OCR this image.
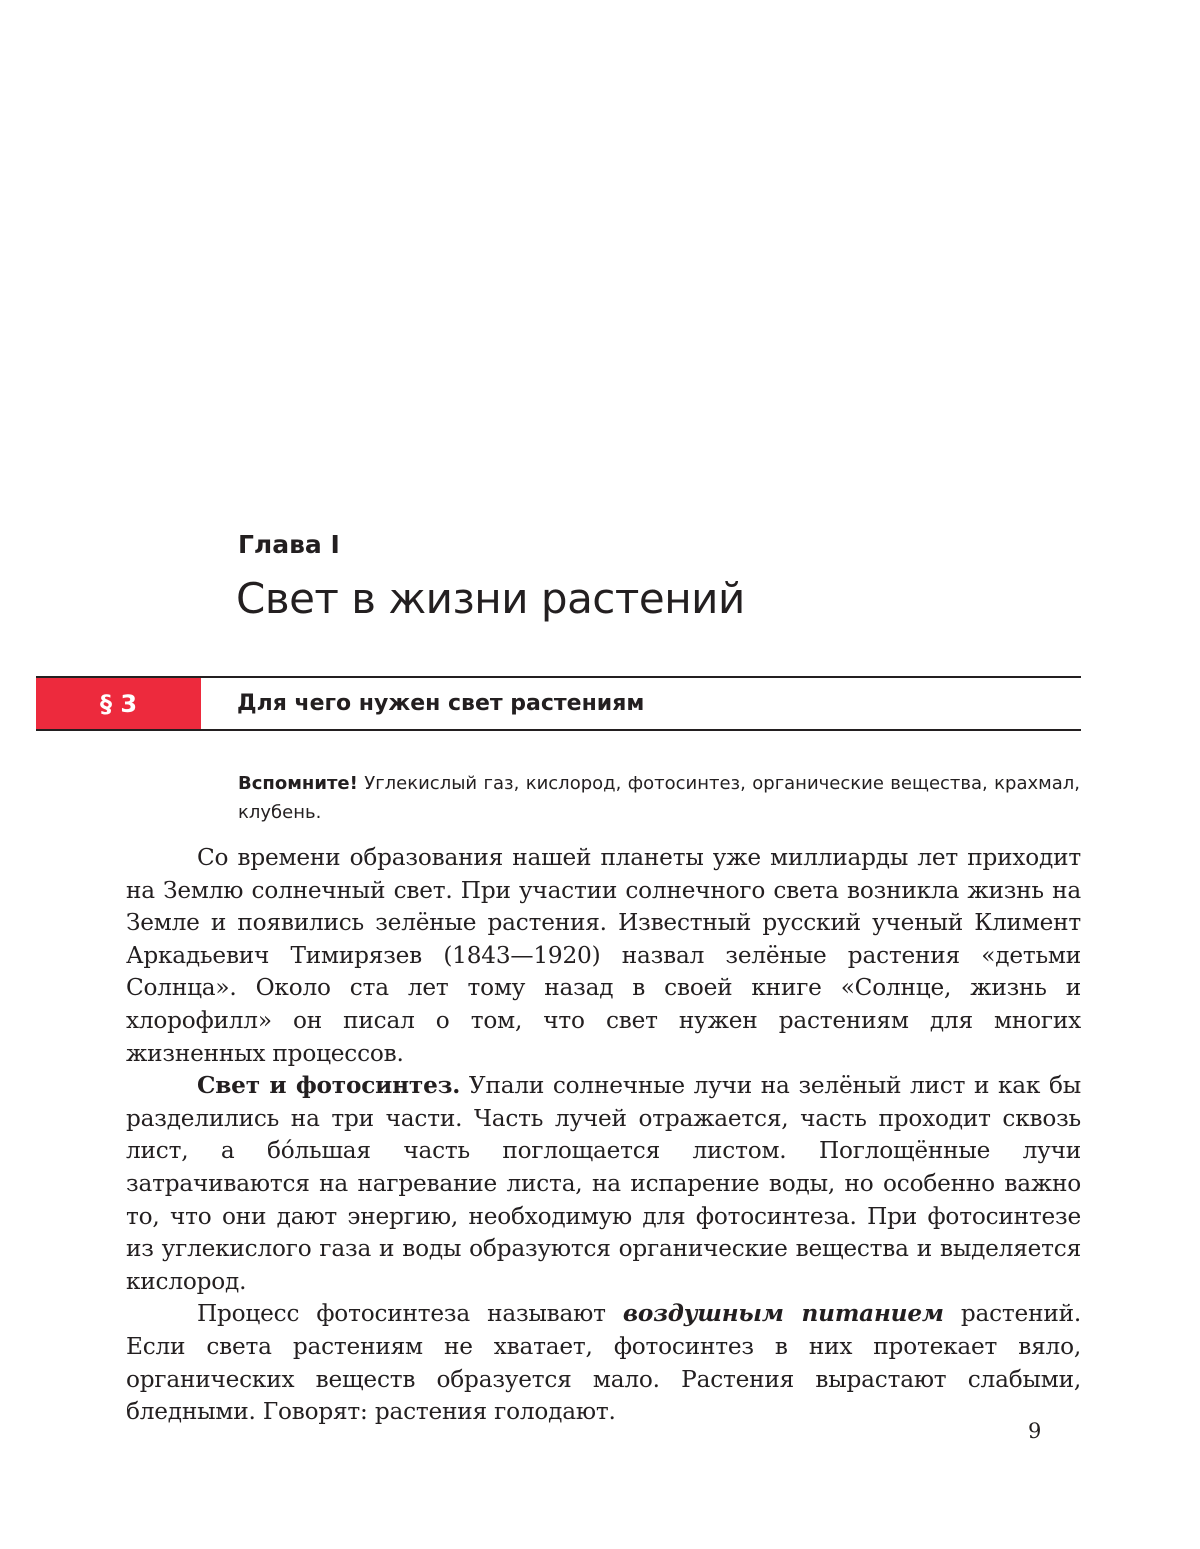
Глава I
Свет в жизни растений
§ 3	Для чего нужен свет растениям

Вспомните! Углекислый газ, кислород, фотосинтез, органические вещества, крахмал, клубень.

Со времени образования нашей планеты уже миллиарды лет приходит на Землю солнечный свет. При участии солнечного света возникла жизнь на Земле и появились зелёные растения. Известный русский ученый Климент Аркадьевич Тимирязев (1843—1920) назвал зелёные растения «детьми Солнца». Около ста лет тому назад в своей книге «Солнце, жизнь и хлорофилл» он писал о том, что свет нужен растениям для многих жизненных процессов.

Свет и фотосинтез. Упали солнечные лучи на зелёный лист и как бы разделились на три части. Часть лучей отражается, часть проходит сквозь лист, а бóльшая часть поглощается листом. Поглощённые лучи затрачиваются на нагревание листа, на испарение воды, но особенно важно то, что они дают энергию, необходимую для фотосинтеза. При фотосинтезе из углекислого газа и воды образуются органические вещества и выделяется кислород.

Процесс фотосинтеза называют воздушным питанием растений. Если света растениям не хватает, фотосинтез в них протекает вяло, органических веществ образуется мало. Растения вырастают слабыми, бледными. Говорят: растения голодают.

9
